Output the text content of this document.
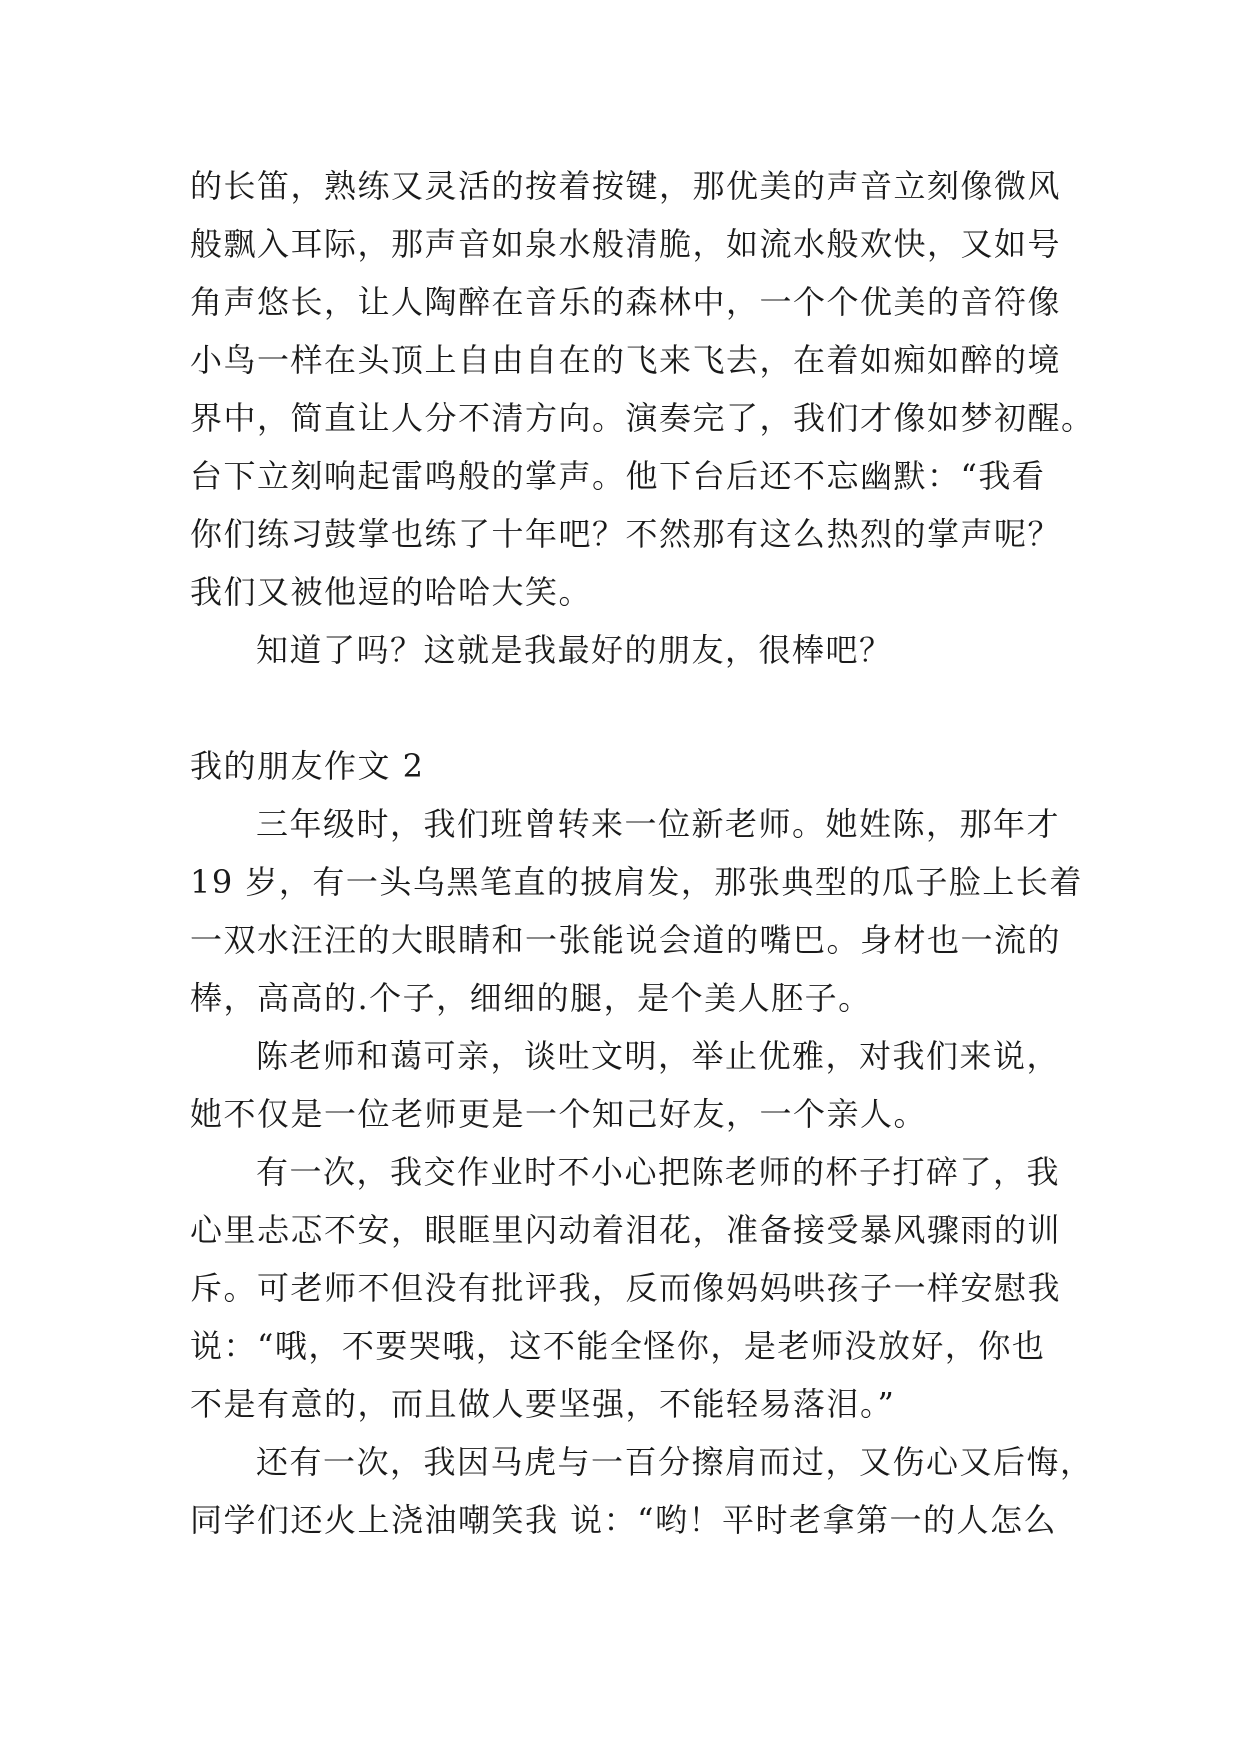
的长笛，熟练又灵活的按着按键，那优美的声音立刻像微风
般飘入耳际，那声音如泉水般清脆，如流水般欢快，又如号
角声悠长，让人陶醉在音乐的森林中，一个个优美的音符像
小鸟一样在头顶上自由自在的飞来飞去，在着如痴如醉的境
界中，简直让人分不清方向。演奏完了，我们才像如梦初醒。
台下立刻响起雷鸣般的掌声。他下台后还不忘幽默：“我看
你们练习鼓掌也练了十年吧？不然那有这么热烈的掌声呢？
我们又被他逗的哈哈大笑。
知道了吗？这就是我最好的朋友，很棒吧？
我的朋友作文 2
三年级时，我们班曾转来一位新老师。她姓陈，那年才
19 岁，有一头乌黑笔直的披肩发，那张典型的瓜子脸上长着
一双水汪汪的大眼睛和一张能说会道的嘴巴。身材也一流的
棒，高高的.个子，细细的腿，是个美人胚子。
陈老师和蔼可亲，谈吐文明，举止优雅，对我们来说，
她不仅是一位老师更是一个知己好友，一个亲人。
有一次，我交作业时不小心把陈老师的杯子打碎了，我
心里忐忑不安，眼眶里闪动着泪花，准备接受暴风骤雨的训
斥。可老师不但没有批评我，反而像妈妈哄孩子一样安慰我
说：“哦，不要哭哦，这不能全怪你，是老师没放好，你也
不是有意的，而且做人要坚强，不能轻易落泪。”
还有一次，我因马虎与一百分擦肩而过，又伤心又后悔，
同学们还火上浇油嘲笑我 说：“哟！平时老拿第一的人怎么
